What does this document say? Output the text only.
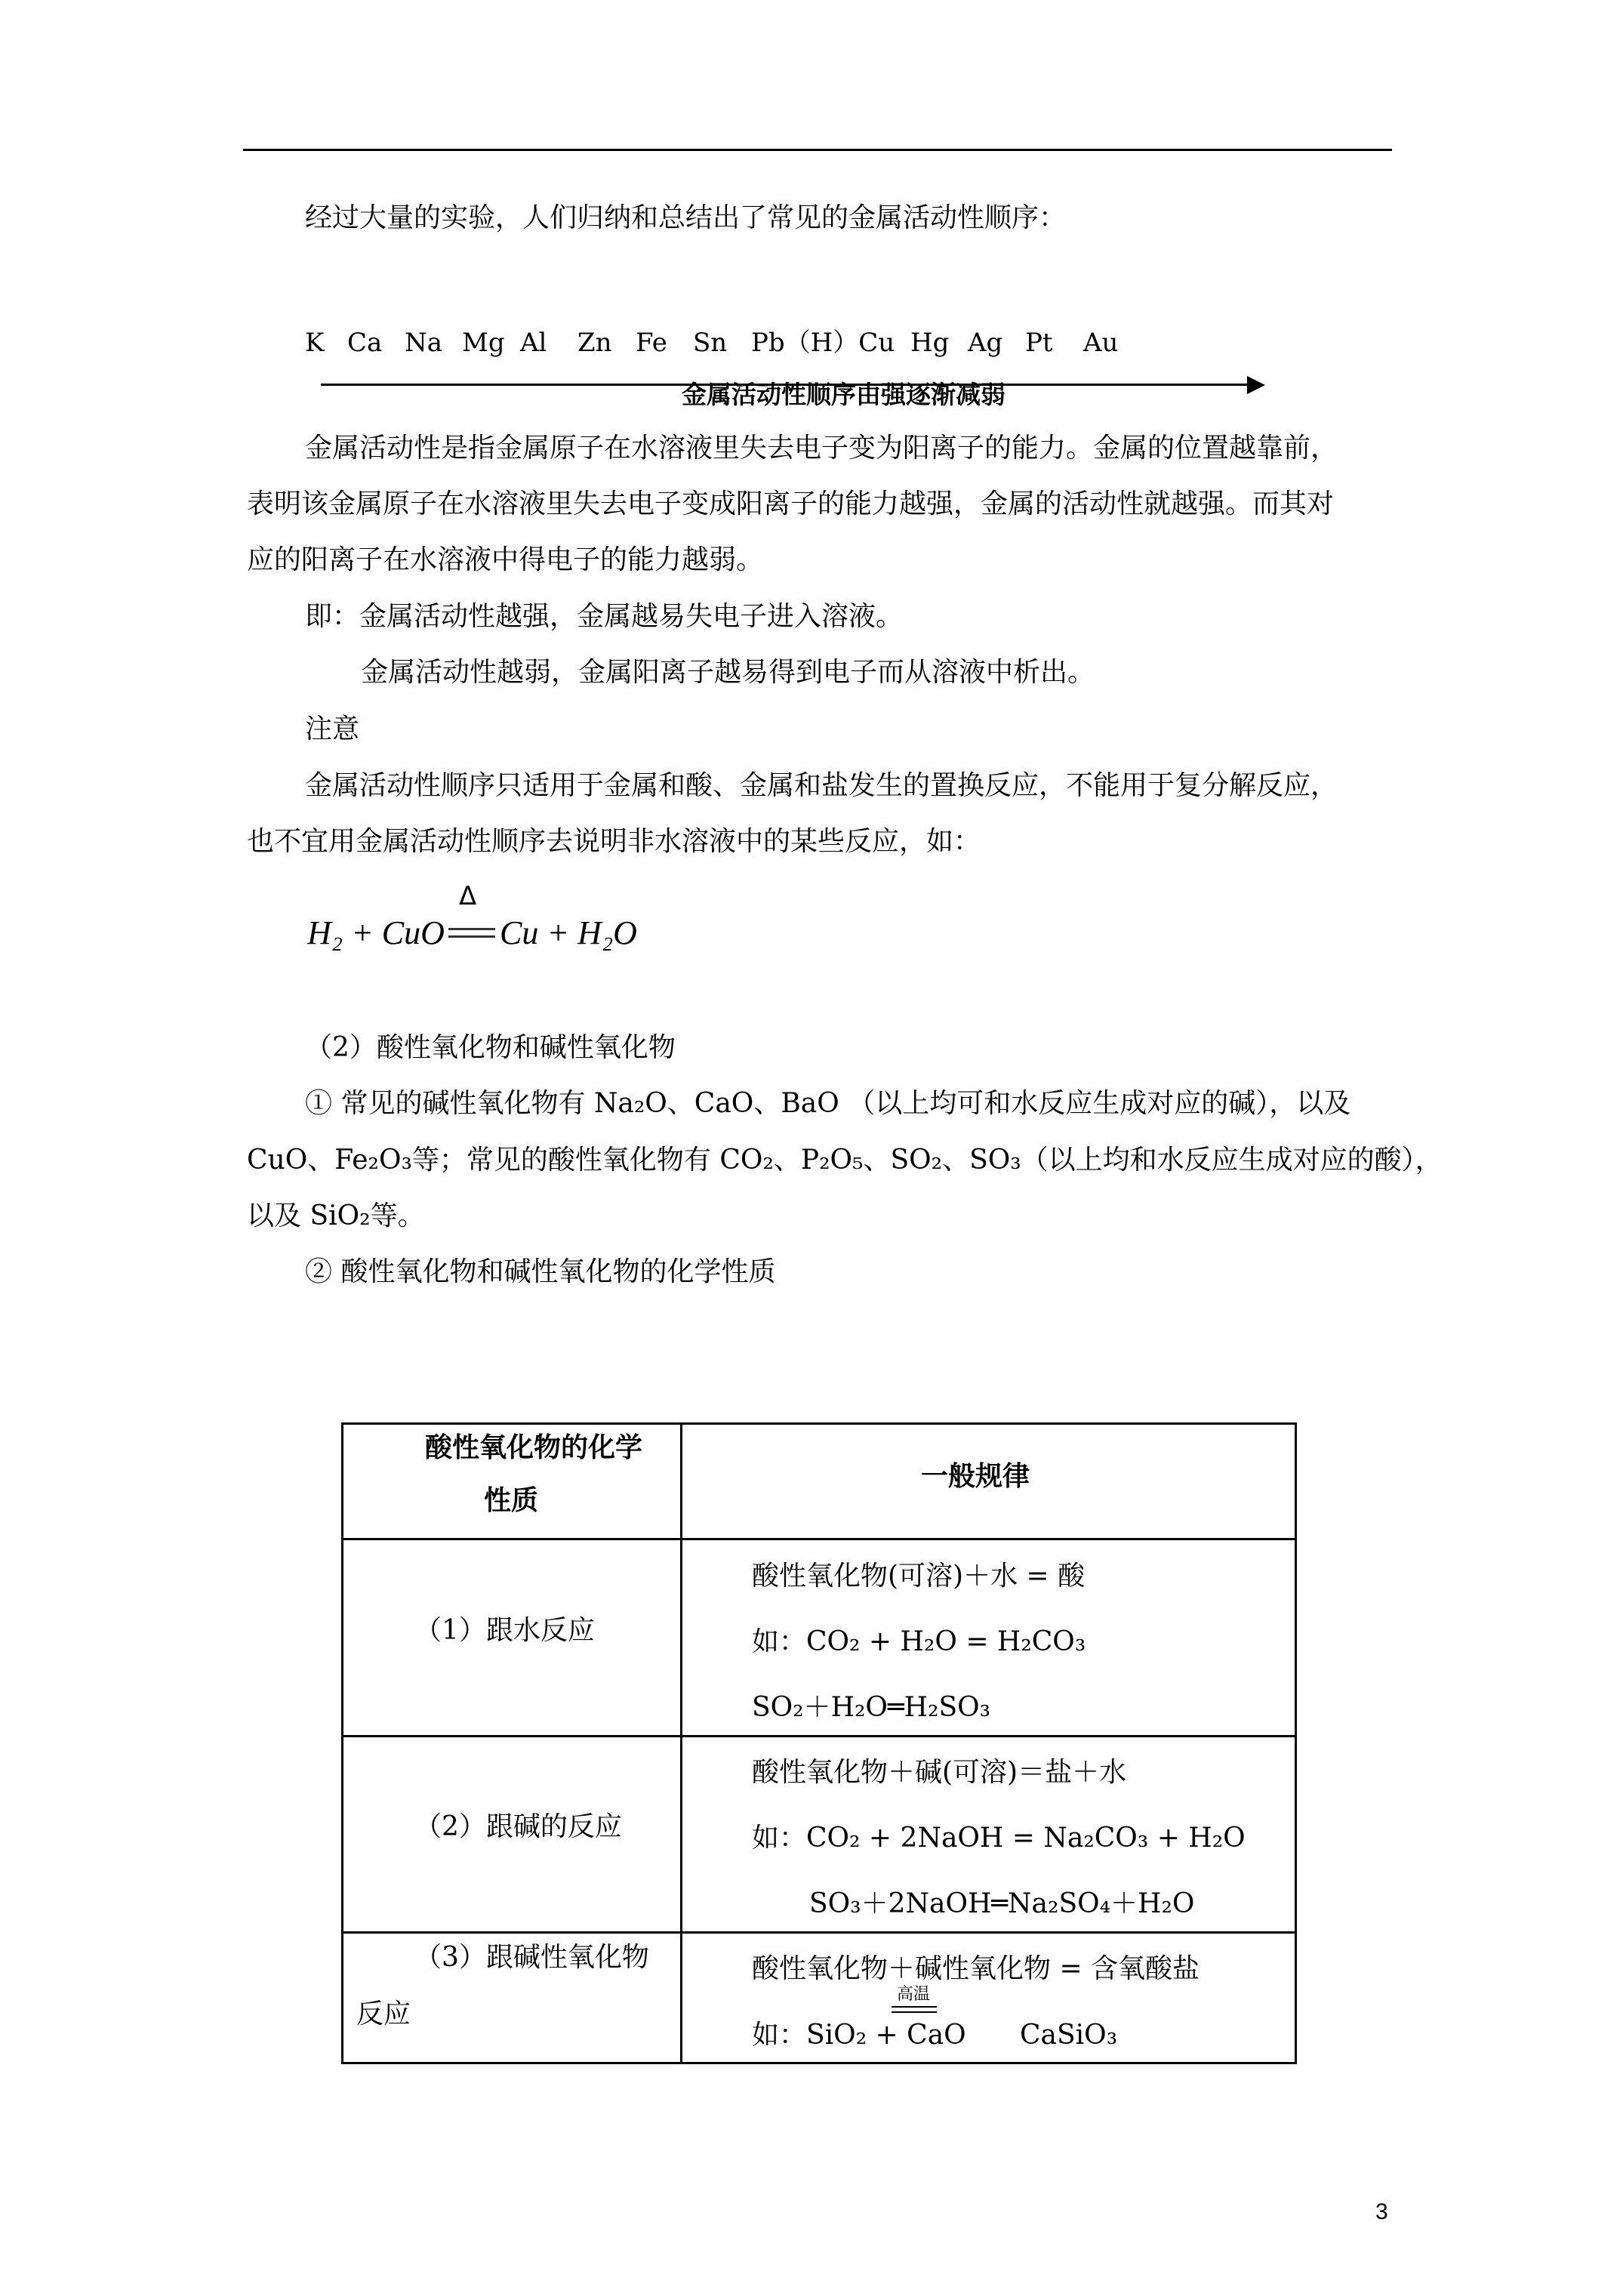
经过大量的实验，人们归纳和总结出了常见的金属活动性顺序：
K Ca Na Mg Al Zn Fe Sn Pb（H）Cu Hg Ag Pt Au
金属活动性顺序由强逐渐减弱
金属活动性是指金属原子在水溶液里失去电子变为阳离子的能力。金属的位置越靠前，
表明该金属原子在水溶液里失去电子变成阳离子的能力越强，金属的活动性就越强。而其对
应的阳离子在水溶液中得电子的能力越弱。
即：金属活动性越强，金属越易失电子进入溶液。
金属活动性越弱，金属阳离子越易得到电子而从溶液中析出。
注意
金属活动性顺序只适用于金属和酸、金属和盐发生的置换反应，不能用于复分解反应，
也不宜用金属活动性顺序去说明非水溶液中的某些反应，如：
H₂ + CuO
Δ
Cu + H₂O
（2）酸性氧化物和碱性氧化物
① 常见的碱性氧化物有 Na₂O、CaO、BaO （以上均可和水反应生成对应的碱），以及
CuO、Fe₂O₃等；常见的酸性氧化物有 CO₂、P₂O₅、SO₂、SO₃（以上均和水反应生成对应的酸），
以及 SiO₂等。
② 酸性氧化物和碱性氧化物的化学性质
酸性氧化物的化学
性质
一般规律
（1）跟水反应
酸性氧化物(可溶)＋水 = 酸
如：CO₂ + H₂O = H₂CO₃
SO₂＋H₂O═H₂SO₃
（2）跟碱的反应
酸性氧化物＋碱(可溶)＝盐＋水
如：CO₂ + 2NaOH = Na₂CO₃ + H₂O
SO₃＋2NaOH═Na₂SO₄＋H₂O
（3）跟碱性氧化物
反应
酸性氧化物＋碱性氧化物 = 含氧酸盐
高温
如：SiO₂ + CaO CaSiO₃
3
